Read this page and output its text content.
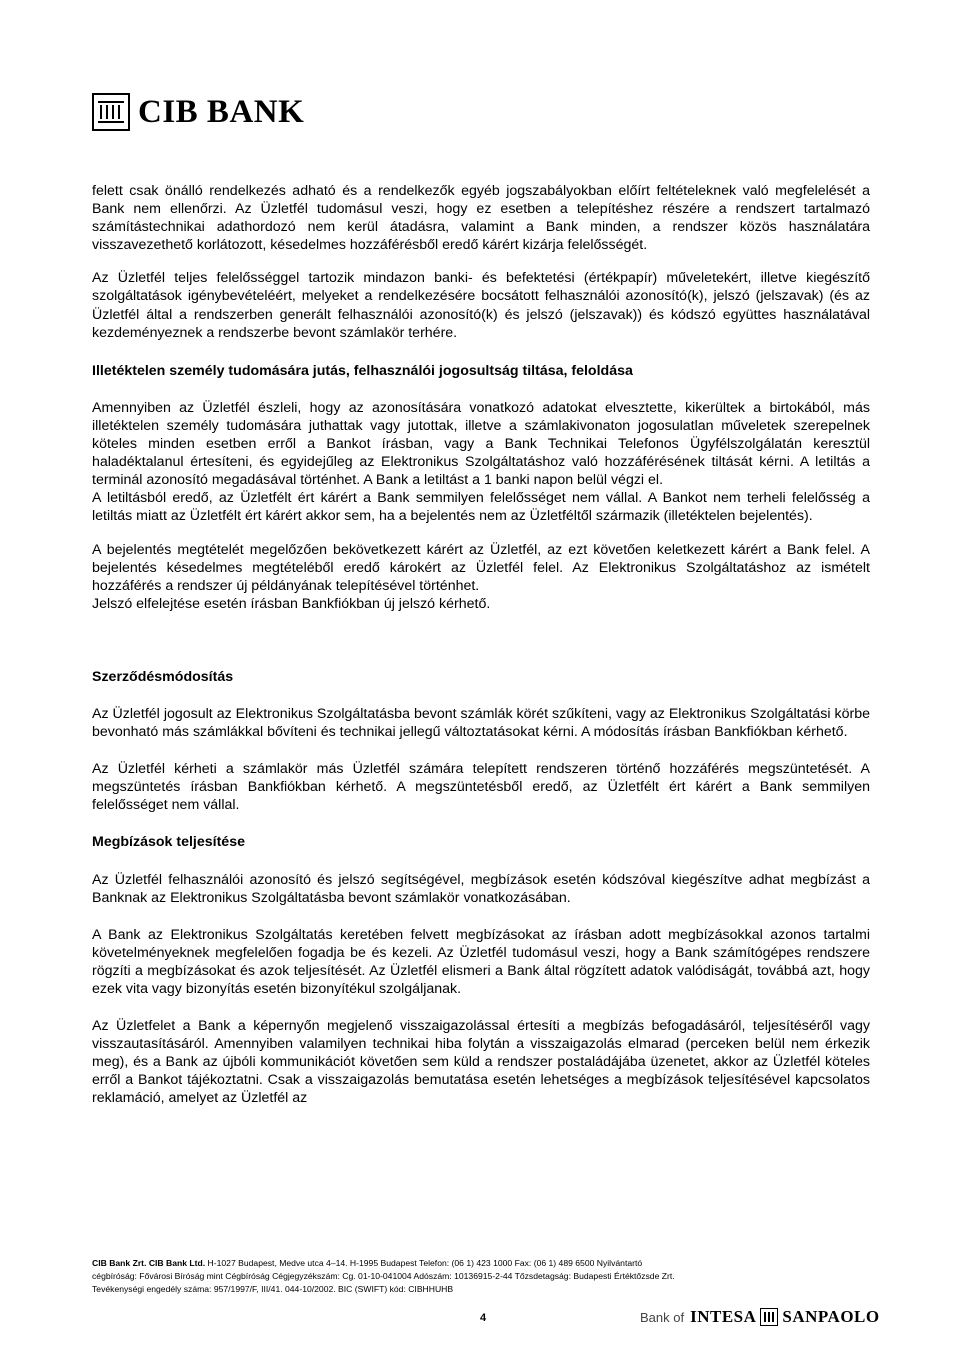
CIB BANK

felett csak önálló rendelkezés adható és a rendelkezők egyéb jogszabályokban előírt feltételeknek való megfelelését a Bank nem ellenőrzi. Az Üzletfél tudomásul veszi, hogy ez esetben a telepítéshez részére a rendszert tartalmazó számítástechnikai adathordozó nem kerül átadásra, valamint a Bank minden, a rendszer közös használatára visszavezethető korlátozott, késedelmes hozzáférésből eredő kárért kizárja felelősségét.

Az Üzletfél teljes felelősséggel tartozik mindazon banki- és befektetési (értékpapír) műveletekért, illetve kiegészítő szolgáltatások igénybevételéért, melyeket a rendelkezésére bocsátott felhasználói azonosító(k), jelszó (jelszavak) (és az Üzletfél által a rendszerben generált felhasználói azonosító(k) és jelszó (jelszavak)) és kódszó együttes használatával kezdeményeznek a rendszerbe bevont számlakör terhére.

Illetéktelen személy tudomására jutás, felhasználói jogosultság tiltása, feloldása

Amennyiben az Üzletfél észleli, hogy az azonosítására vonatkozó adatokat elvesztette, kikerültek a birtokából, más illetéktelen személy tudomására juthattak vagy jutottak, illetve a számlakivonaton jogosulatlan műveletek szerepelnek köteles minden esetben erről a Bankot írásban, vagy a Bank Technikai Telefonos Ügyfélszolgálatán keresztül haladéktalanul értesíteni, és egyidejűleg az Elektronikus Szolgáltatáshoz való hozzáférésének tiltását kérni. A letiltás a terminál azonosító megadásával történhet. A Bank a letiltást a 1 banki napon belül végzi el.

A letiltásból eredő, az Üzletfélt ért kárért a Bank semmilyen felelősséget nem vállal. A Bankot nem terheli felelősség a letiltás miatt az Üzletfélt ért kárért akkor sem, ha a bejelentés nem az Üzletféltől származik (illetéktelen bejelentés).

A bejelentés megtételét megelőzően bekövetkezett kárért az Üzletfél, az ezt követően keletkezett kárért a Bank felel. A bejelentés késedelmes megtételéből eredő károkért az Üzletfél felel. Az Elektronikus Szolgáltatáshoz az ismételt hozzáférés a rendszer új példányának telepítésével történhet.

Jelszó elfelejtése esetén írásban Bankfiókban új jelszó kérhető.

Szerződésmódosítás

Az Üzletfél jogosult az Elektronikus Szolgáltatásba bevont számlák körét szűkíteni, vagy az Elektronikus Szolgáltatási körbe bevonható más számlákkal bővíteni és technikai jellegű változtatásokat kérni. A módosítás írásban Bankfiókban kérhető.

Az Üzletfél kérheti a számlakör más Üzletfél számára telepített rendszeren történő hozzáférés megszüntetését. A megszüntetés írásban Bankfiókban kérhető. A megszüntetésből eredő, az Üzletfélt ért kárért a Bank semmilyen felelősséget nem vállal.

Megbízások teljesítése

Az Üzletfél felhasználói azonosító és jelszó segítségével, megbízások esetén kódszóval kiegészítve adhat megbízást a Banknak az Elektronikus Szolgáltatásba bevont számlakör vonatkozásában.

A Bank az Elektronikus Szolgáltatás keretében felvett megbízásokat az írásban adott megbízásokkal azonos tartalmi követelményeknek megfelelően fogadja be és kezeli. Az Üzletfél tudomásul veszi, hogy a Bank számítógépes rendszere rögzíti a megbízásokat és azok teljesítését. Az Üzletfél elismeri a Bank által rögzített adatok valódiságát, továbbá azt, hogy ezek vita vagy bizonyítás esetén bizonyítékul szolgáljanak.

Az Üzletfelet a Bank a képernyőn megjelenő visszaigazolással értesíti a megbízás befogadásáról, teljesítéséről vagy visszautasításáról. Amennyiben valamilyen technikai hiba folytán a visszaigazolás elmarad (perceken belül nem érkezik meg), és a Bank az újbóli kommunikációt követően sem küld a rendszer postaládájába üzenetet, akkor az Üzletfél köteles erről a Bankot tájékoztatni. Csak a visszaigazolás bemutatása esetén lehetséges a megbízások teljesítésével kapcsolatos reklamáció, amelyet az Üzletfél az

CIB Bank Zrt. CIB Bank Ltd. H-1027 Budapest, Medve utca 4–14. H-1995 Budapest Telefon: (06 1) 423 1000 Fax: (06 1) 489 6500 Nyilvántartó
cégbíróság: Fővárosi Bíróság mint Cégbíróság Cégjegyzékszám: Cg. 01-10-041004 Adószám: 10136915-2-44 Tőzsdetagság: Budapesti Értéktőzsde Zrt.
Tevékenységi engedély száma: 957/1997/F, III/41. 044-10/2002. BIC (SWIFT) kód: CIBHHUHB
4	Bank of INTESA SANPAOLO
